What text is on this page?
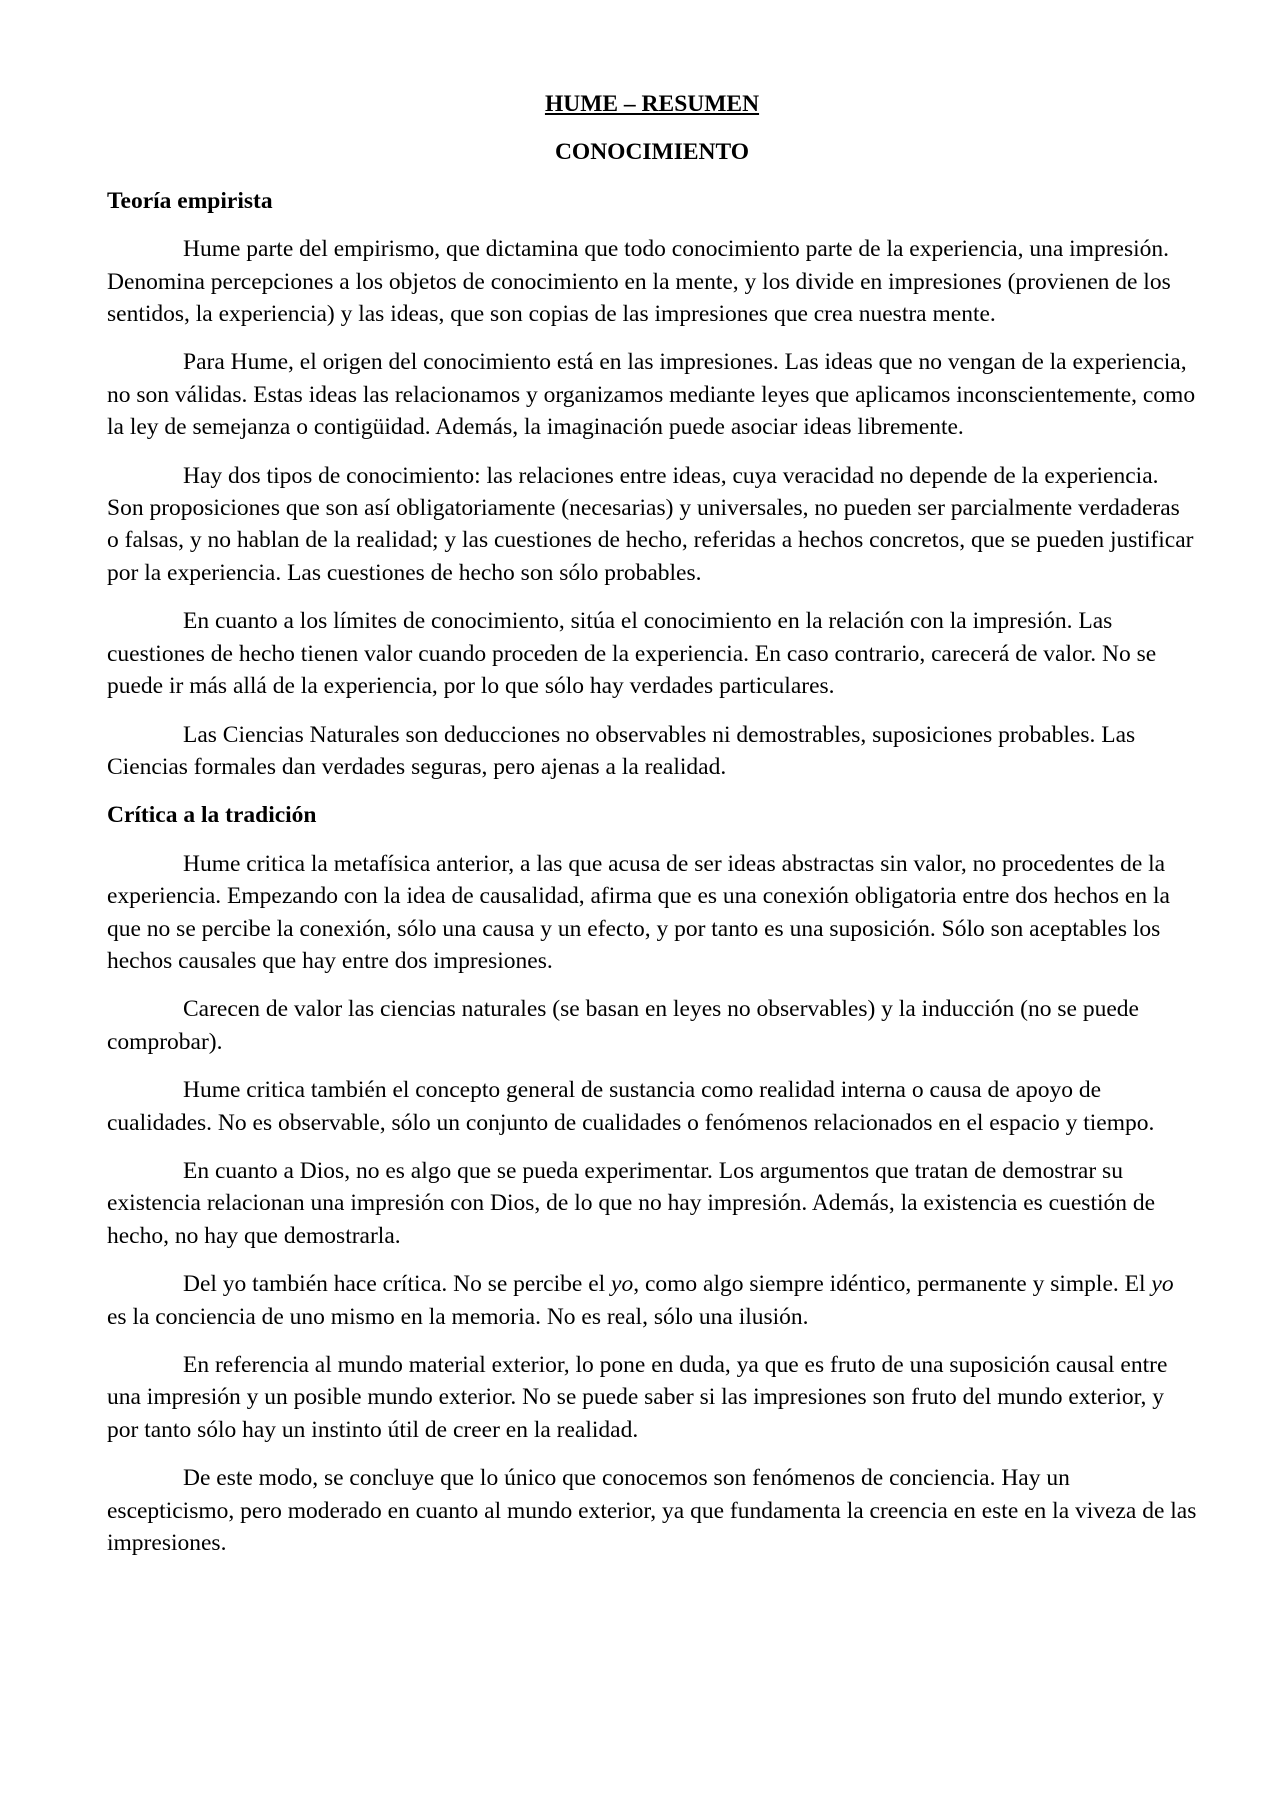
HUME – RESUMEN
CONOCIMIENTO
Teoría empirista

Hume parte del empirismo, que dictamina que todo conocimiento parte de la experiencia, una impresión. Denomina percepciones a los objetos de conocimiento en la mente, y los divide en impresiones (provienen de los sentidos, la experiencia) y las ideas, que son copias de las impresiones que crea nuestra mente.

Para Hume, el origen del conocimiento está en las impresiones. Las ideas que no vengan de la experiencia, no son válidas. Estas ideas las relacionamos y organizamos mediante leyes que aplicamos inconscientemente, como la ley de semejanza o contigüidad. Además, la imaginación puede asociar ideas libremente.

Hay dos tipos de conocimiento: las relaciones entre ideas, cuya veracidad no depende de la experiencia. Son proposiciones que son así obligatoriamente (necesarias) y universales, no pueden ser parcialmente verdaderas o falsas, y no hablan de la realidad; y las cuestiones de hecho, referidas a hechos concretos, que se pueden justificar por la experiencia. Las cuestiones de hecho son sólo probables.

En cuanto a los límites de conocimiento, sitúa el conocimiento en la relación con la impresión. Las cuestiones de hecho tienen valor cuando proceden de la experiencia. En caso contrario, carecerá de valor. No se puede ir más allá de la experiencia, por lo que sólo hay verdades particulares.

Las Ciencias Naturales son deducciones no observables ni demostrables, suposiciones probables. Las Ciencias formales dan verdades seguras, pero ajenas a la realidad.

Crítica a la tradición

Hume critica la metafísica anterior, a las que acusa de ser ideas abstractas sin valor, no procedentes de la experiencia. Empezando con la idea de causalidad, afirma que es una conexión obligatoria entre dos hechos en la que no se percibe la conexión, sólo una causa y un efecto, y por tanto es una suposición. Sólo son aceptables los hechos causales que hay entre dos impresiones.

Carecen de valor las ciencias naturales (se basan en leyes no observables) y la inducción (no se puede comprobar).

Hume critica también el concepto general de sustancia como realidad interna o causa de apoyo de cualidades. No es observable, sólo un conjunto de cualidades o fenómenos relacionados en el espacio y tiempo.

En cuanto a Dios, no es algo que se pueda experimentar. Los argumentos que tratan de demostrar su existencia relacionan una impresión con Dios, de lo que no hay impresión. Además, la existencia es cuestión de hecho, no hay que demostrarla.

Del yo también hace crítica. No se percibe el yo, como algo siempre idéntico, permanente y simple. El yo es la conciencia de uno mismo en la memoria. No es real, sólo una ilusión.

En referencia al mundo material exterior, lo pone en duda, ya que es fruto de una suposición causal entre una impresión y un posible mundo exterior. No se puede saber si las impresiones son fruto del mundo exterior, y por tanto sólo hay un instinto útil de creer en la realidad.

De este modo, se concluye que lo único que conocemos son fenómenos de conciencia. Hay un escepticismo, pero moderado en cuanto al mundo exterior, ya que fundamenta la creencia en este en la viveza de las impresiones.
